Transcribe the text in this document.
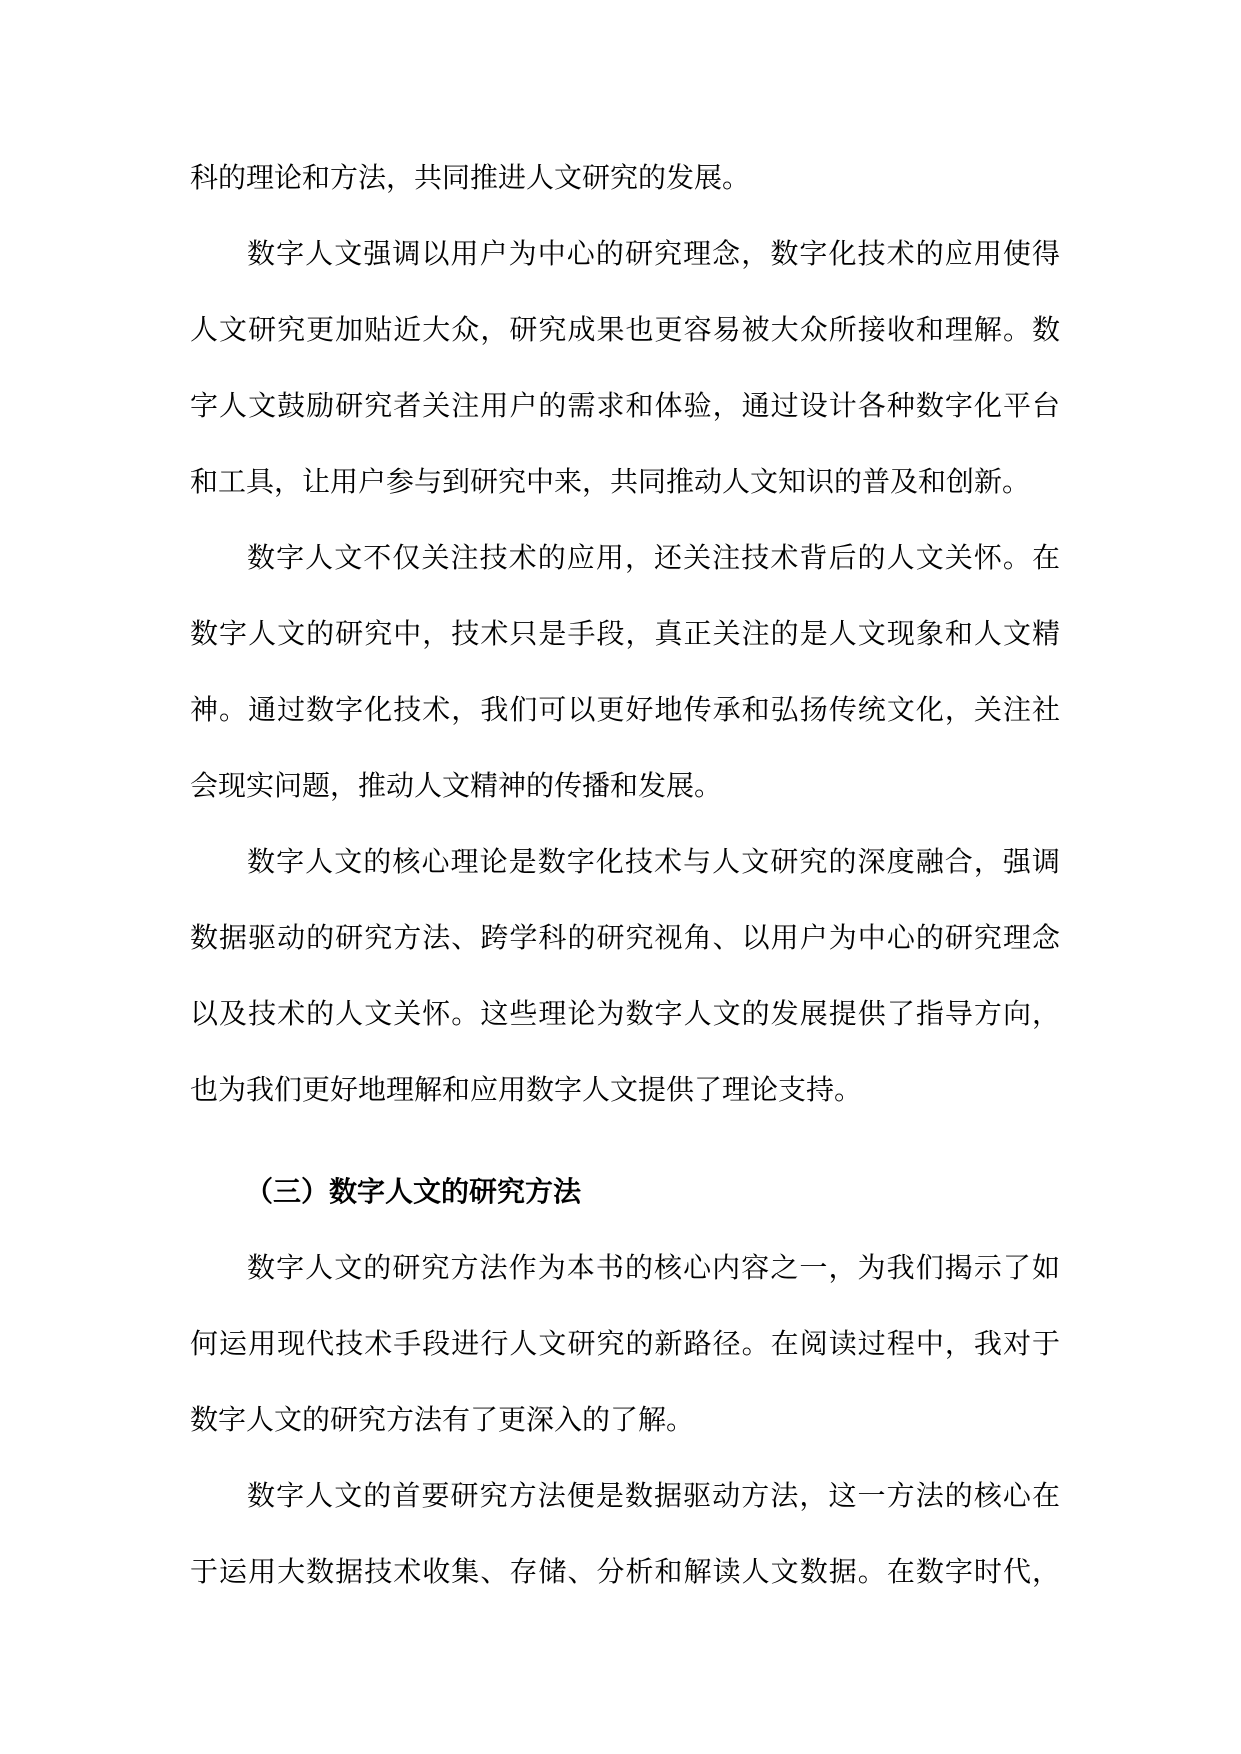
科的理论和方法，共同推进人文研究的发展。
数字人文强调以用户为中心的研究理念，数字化技术的应用使得
人文研究更加贴近大众，研究成果也更容易被大众所接收和理解。数
字人文鼓励研究者关注用户的需求和体验，通过设计各种数字化平台
和工具，让用户参与到研究中来，共同推动人文知识的普及和创新。
数字人文不仅关注技术的应用，还关注技术背后的人文关怀。在
数字人文的研究中，技术只是手段，真正关注的是人文现象和人文精
神。通过数字化技术，我们可以更好地传承和弘扬传统文化，关注社
会现实问题，推动人文精神的传播和发展。
数字人文的核心理论是数字化技术与人文研究的深度融合，强调
数据驱动的研究方法、跨学科的研究视角、以用户为中心的研究理念
以及技术的人文关怀。这些理论为数字人文的发展提供了指导方向，
也为我们更好地理解和应用数字人文提供了理论支持。
（三）数字人文的研究方法
数字人文的研究方法作为本书的核心内容之一，为我们揭示了如
何运用现代技术手段进行人文研究的新路径。在阅读过程中，我对于
数字人文的研究方法有了更深入的了解。
数字人文的首要研究方法便是数据驱动方法，这一方法的核心在
于运用大数据技术收集、存储、分析和解读人文数据。在数字时代，
